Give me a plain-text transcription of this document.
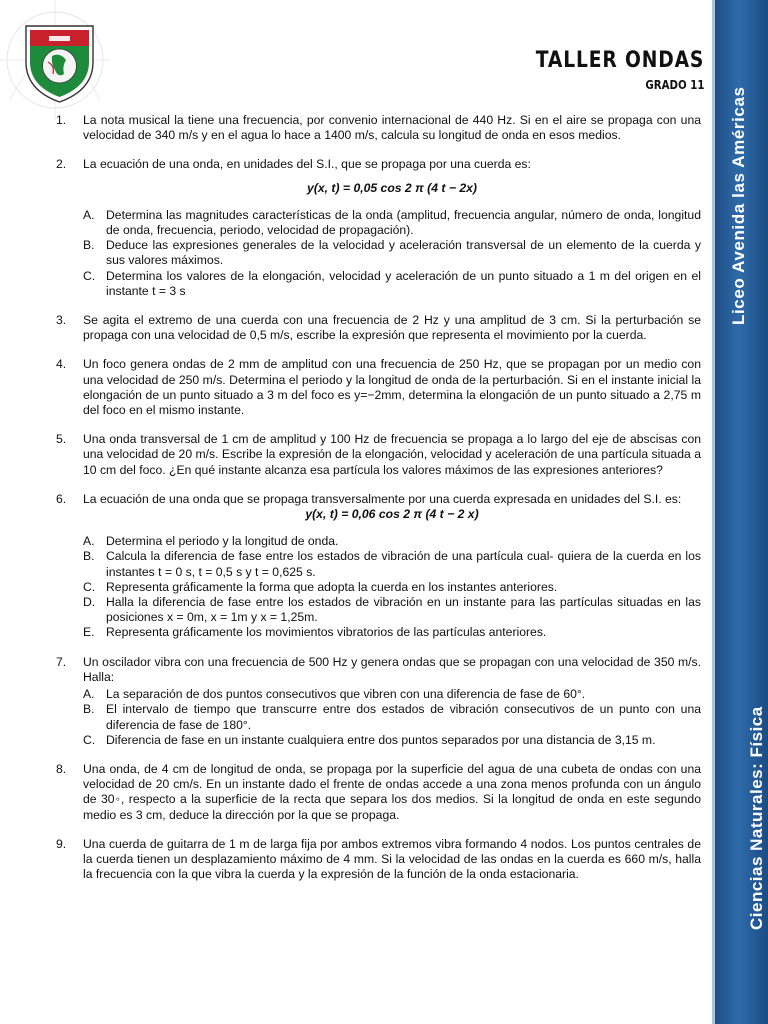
Liceo Avenida las Américas
Ciencias Naturales: Física
TALLER ONDAS
GRADO 11
1. La nota musical la tiene una frecuencia, por convenio internacional de 440 Hz. Si en el aire se propaga con una velocidad de 340 m/s y en el agua lo hace a 1400 m/s, calcula su longitud de onda en esos medios.
2. La ecuación de una onda, en unidades del S.I., que se propaga por una cuerda es:
y(x, t) = 0,05 cos 2 π (4 t − 2x)
A. Determina las magnitudes características de la onda (amplitud, frecuencia angular, número de onda, longitud de onda, frecuencia, periodo, velocidad de propagación).
B. Deduce las expresiones generales de la velocidad y aceleración transversal de un elemento de la cuerda y sus valores máximos.
C. Determina los valores de la elongación, velocidad y aceleración de un punto situado a 1 m del origen en el instante t = 3 s
3. Se agita el extremo de una cuerda con una frecuencia de 2 Hz y una amplitud de 3 cm. Si la perturbación se propaga con una velocidad de 0,5 m/s, escribe la expresión que representa el movimiento por la cuerda.
4. Un foco genera ondas de 2 mm de amplitud con una frecuencia de 250 Hz, que se propagan por un medio con una velocidad de 250 m/s. Determina el periodo y la longitud de onda de la perturbación. Si en el instante inicial la elongación de un punto situado a 3 m del foco es y=−2mm, determina la elongación de un punto situado a 2,75 m del foco en el mismo instante.
5. Una onda transversal de 1 cm de amplitud y 100 Hz de frecuencia se propaga a lo largo del eje de abscisas con una velocidad de 20 m/s. Escribe la expresión de la elongación, velocidad y aceleración de una partícula situada a 10 cm del foco. ¿En qué instante alcanza esa partícula los valores máximos de las expresiones anteriores?
6. La ecuación de una onda que se propaga transversalmente por una cuerda expresada en unidades del S.I. es:
y(x, t) = 0,06 cos 2 π (4 t − 2 x)
A. Determina el periodo y la longitud de onda.
B. Calcula la diferencia de fase entre los estados de vibración de una partícula cual- quiera de la cuerda en los instantes t = 0 s, t = 0,5 s y t = 0,625 s.
C. Representa gráficamente la forma que adopta la cuerda en los instantes anteriores.
D. Halla la diferencia de fase entre los estados de vibración en un instante para las partículas situadas en las posiciones x = 0m, x = 1m y x = 1,25m.
E. Representa gráficamente los movimientos vibratorios de las partículas anteriores.
7. Un oscilador vibra con una frecuencia de 500 Hz y genera ondas que se propagan con una velocidad de 350 m/s. Halla:
A. La separación de dos puntos consecutivos que vibren con una diferencia de fase de 60°.
B. El intervalo de tiempo que transcurre entre dos estados de vibración consecutivos de un punto con una diferencia de fase de 180°.
C. Diferencia de fase en un instante cualquiera entre dos puntos separados por una distancia de 3,15 m.
8. Una onda, de 4 cm de longitud de onda, se propaga por la superficie del agua de una cubeta de ondas con una velocidad de 20 cm/s. En un instante dado el frente de ondas accede a una zona menos profunda con un ángulo de 30◦, respecto a la superficie de la recta que separa los dos medios. Si la longitud de onda en este segundo medio es 3 cm, deduce la dirección por la que se propaga.
9. Una cuerda de guitarra de 1 m de larga fija por ambos extremos vibra formando 4 nodos. Los puntos centrales de la cuerda tienen un desplazamiento máximo de 4 mm. Si la velocidad de las ondas en la cuerda es 660 m/s, halla la frecuencia con la que vibra la cuerda y la expresión de la función de la onda estacionaria.
